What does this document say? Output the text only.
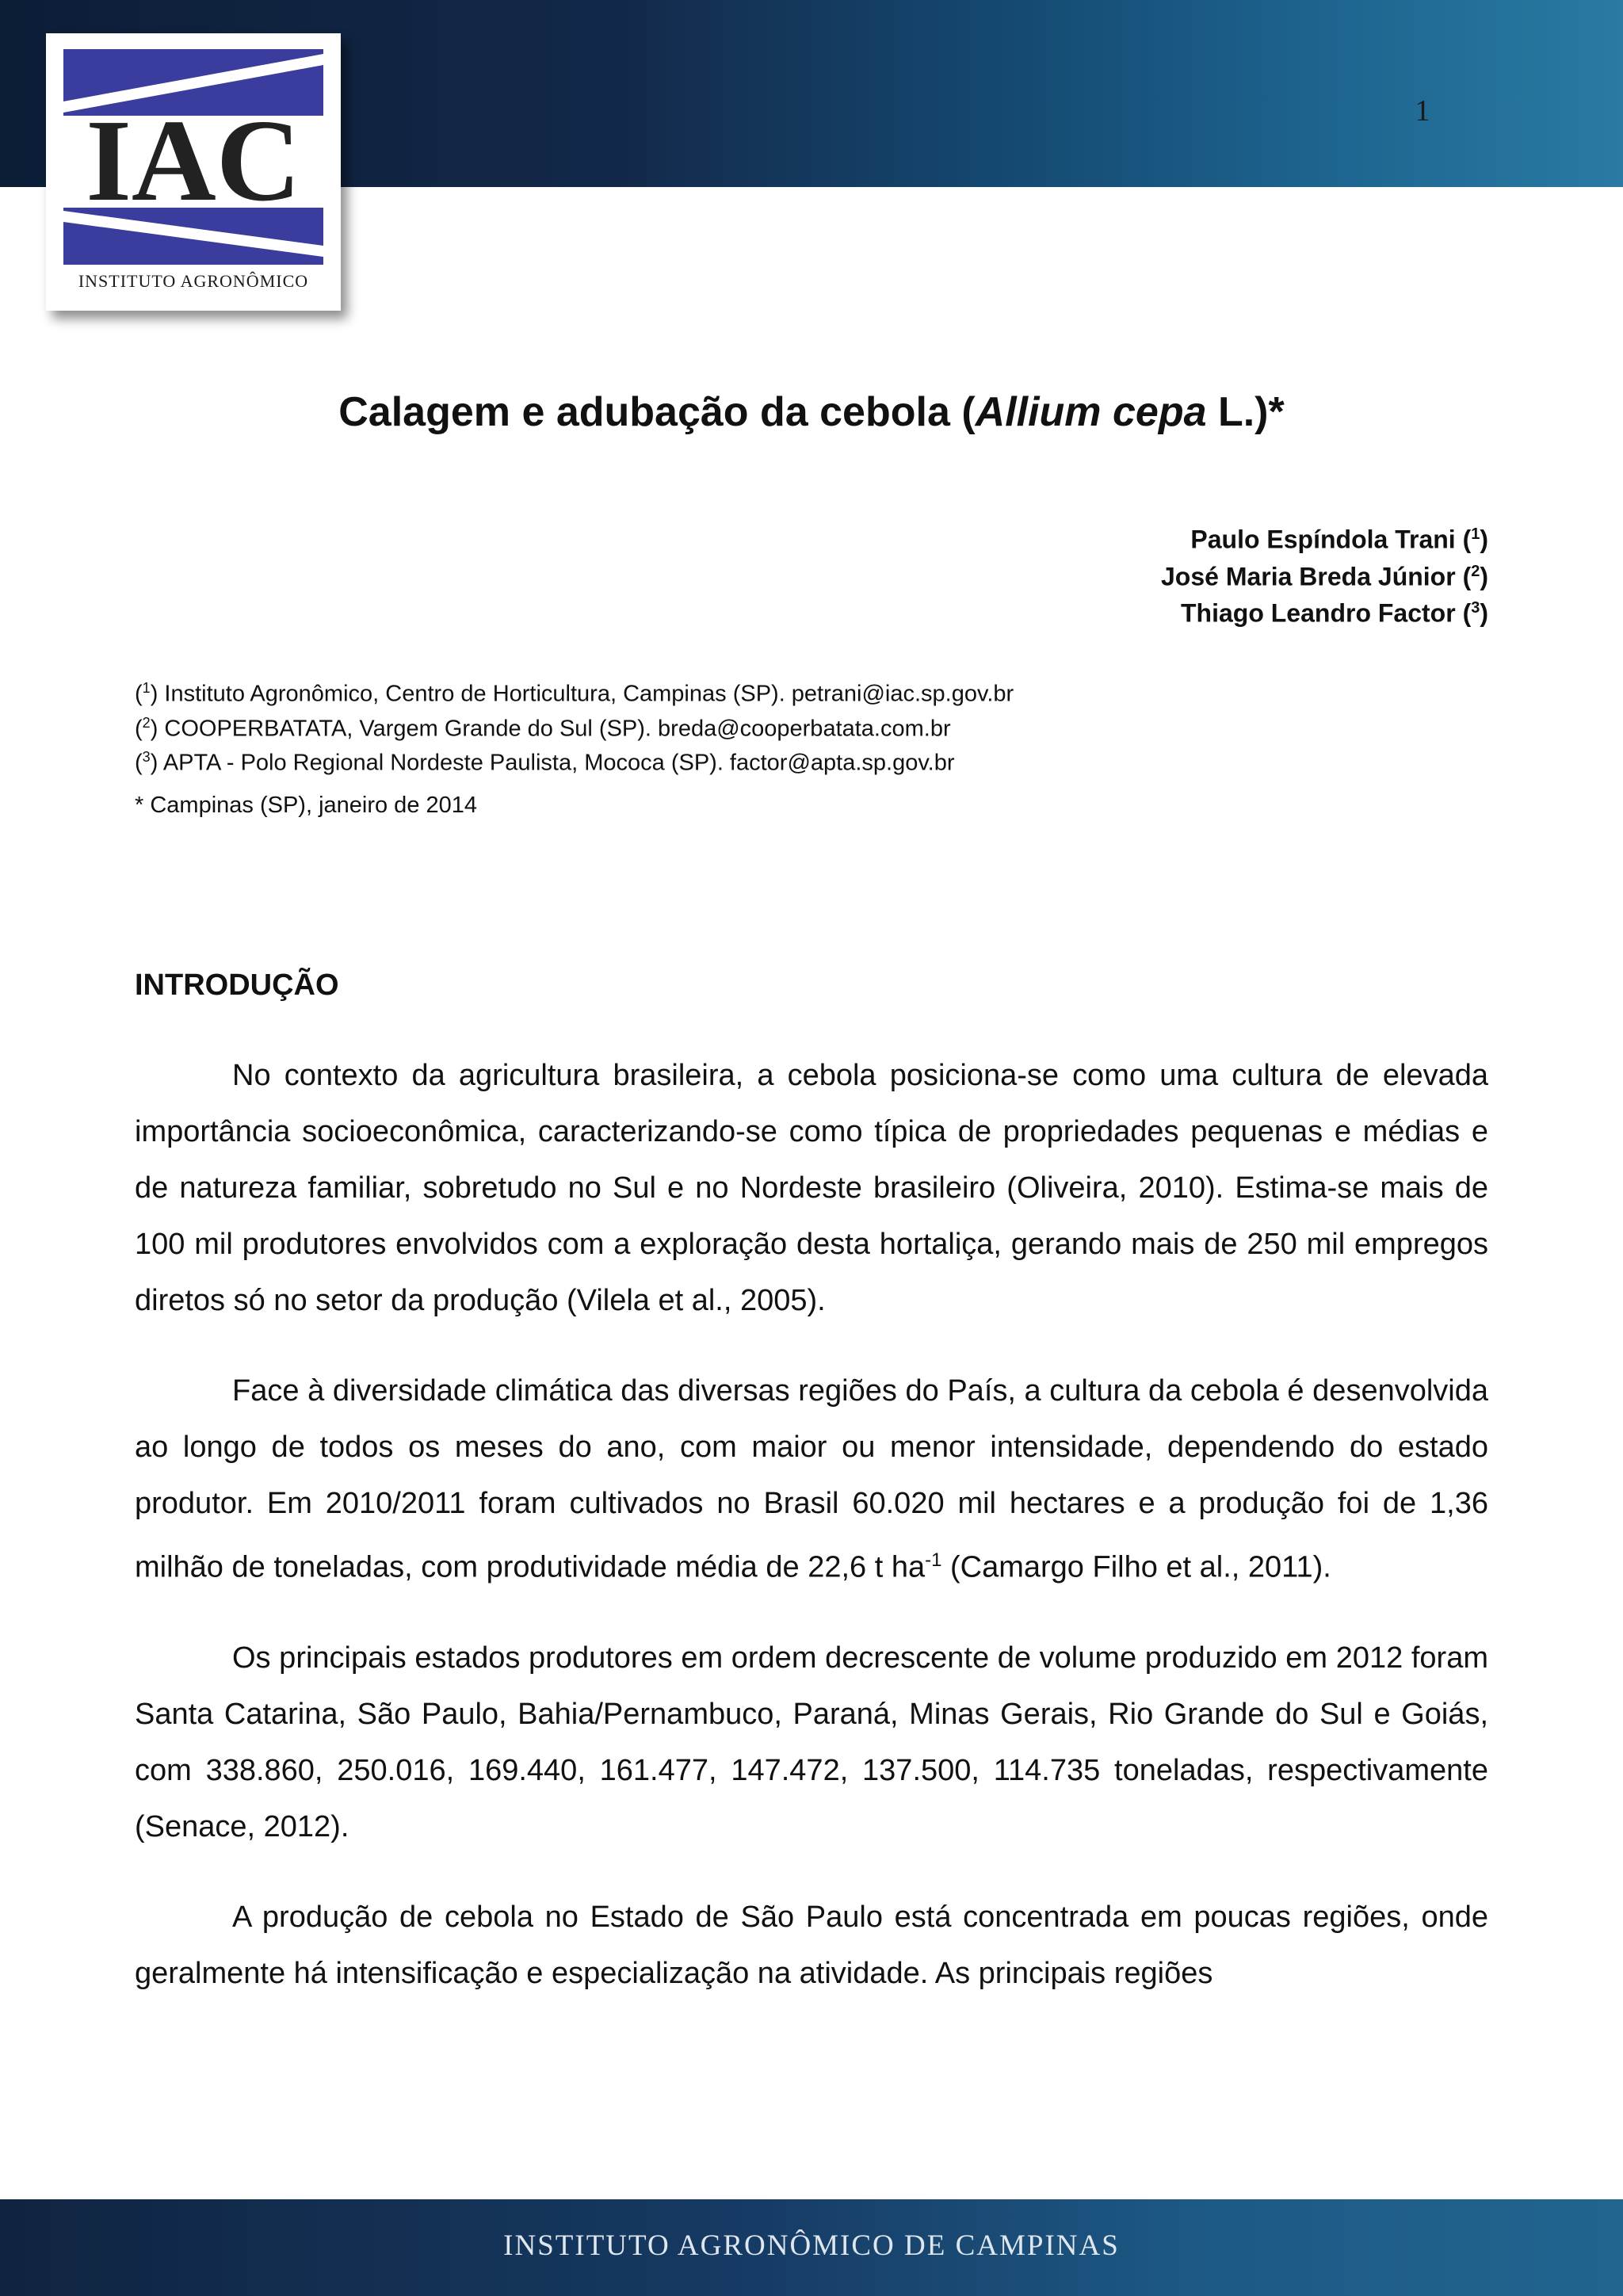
1
IAC
INSTITUTO AGRONÔMICO
Calagem e adubação da cebola (Allium cepa L.)*
Paulo Espíndola Trani ($^1$)
José Maria Breda Júnior ($^2$)
Thiago Leandro Factor ($^3$)
($^1$) Instituto Agronômico, Centro de Horticultura, Campinas (SP). petrani@iac.sp.gov.br
($^2$) COOPERBATATA, Vargem Grande do Sul (SP). breda@cooperbatata.com.br
($^3$) APTA - Polo Regional Nordeste Paulista, Mococa (SP). factor@apta.sp.gov.br
* Campinas (SP), janeiro de 2014
INTRODUÇÃO

No contexto da agricultura brasileira, a cebola posiciona-se como uma cultura de elevada importância socioeconômica, caracterizando-se como típica de propriedades pequenas e médias e de natureza familiar, sobretudo no Sul e no Nordeste brasileiro (Oliveira, 2010). Estima-se mais de 100 mil produtores envolvidos com a exploração desta hortaliça, gerando mais de 250 mil empregos diretos só no setor da produção (Vilela et al., 2005).

Face à diversidade climática das diversas regiões do País, a cultura da cebola é desenvolvida ao longo de todos os meses do ano, com maior ou menor intensidade, dependendo do estado produtor. Em 2010/2011 foram cultivados no Brasil 60.020 mil hectares e a produção foi de 1,36 milhão de toneladas, com produtividade média de 22,6 t $ha^{-1}$ (Camargo Filho et al., 2011).

Os principais estados produtores em ordem decrescente de volume produzido em 2012 foram Santa Catarina, São Paulo, Bahia/Pernambuco, Paraná, Minas Gerais, Rio Grande do Sul e Goiás, com 338.860, 250.016, 169.440, 161.477, 147.472, 137.500, 114.735 toneladas, respectivamente (Senace, 2012).

A produção de cebola no Estado de São Paulo está concentrada em poucas regiões, onde geralmente há intensificação e especialização na atividade. As principais regiões

INSTITUTO AGRONÔMICO DE CAMPINAS
